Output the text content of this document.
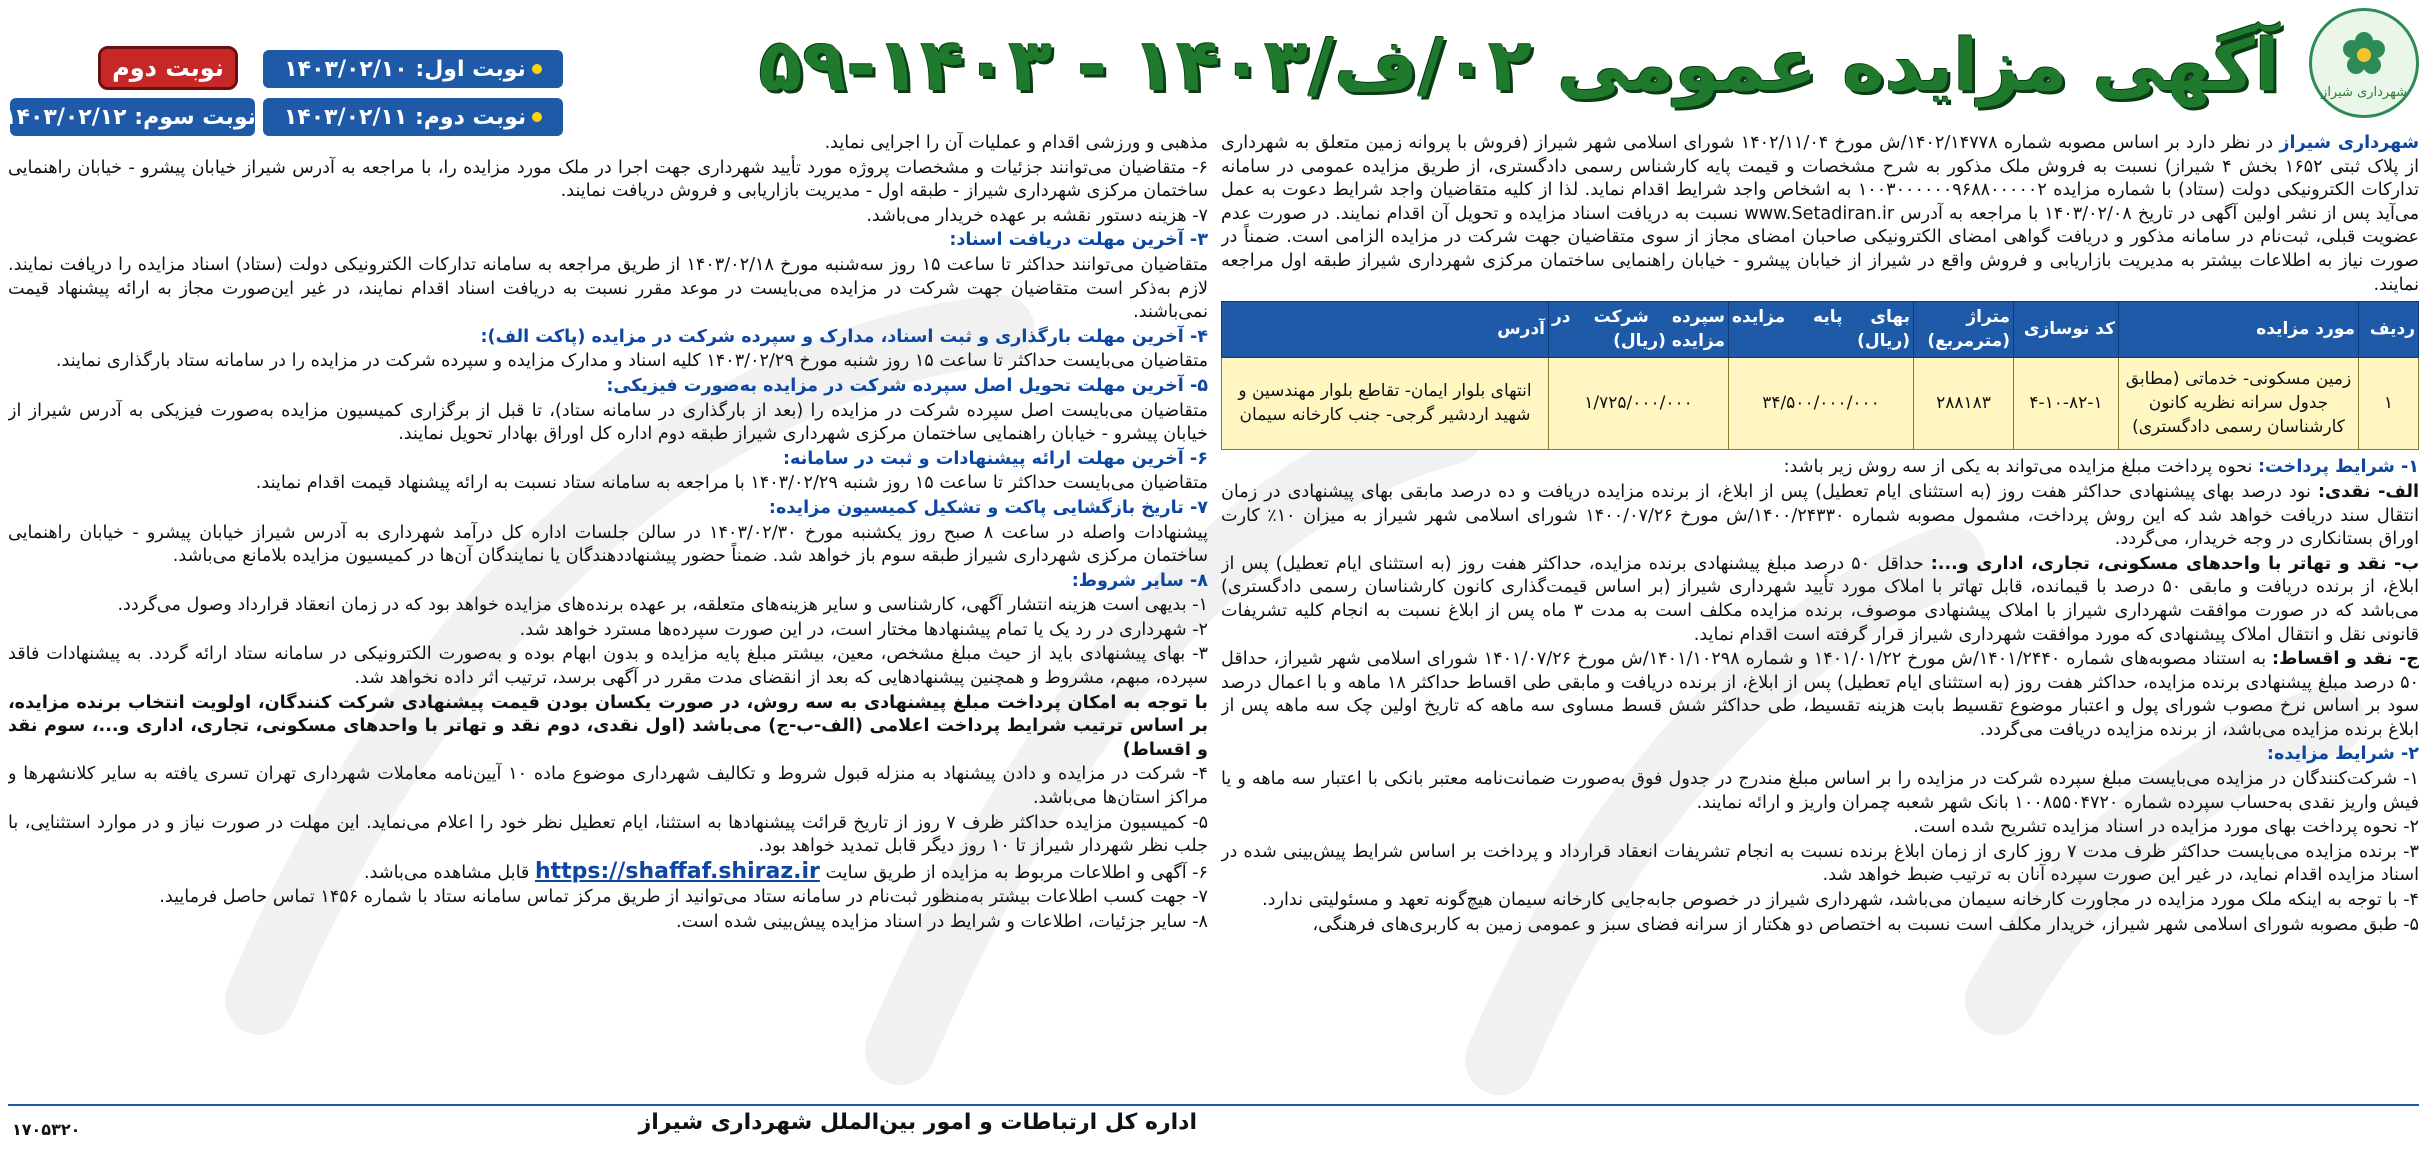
شهرداری شیراز
آگهی مزایده عمومی ۰۲/ف/۱۴۰۳ - ۱۴۰۳-۵۹
نوبت دوم	نوبت اول: ۱۴۰۳/۰۲/۱۰
نوبت دوم: ۱۴۰۳/۰۲/۱۱
نوبت سوم: ۱۴۰۳/۰۲/۱۲

شهرداری شیراز در نظر دارد بر اساس مصوبه شماره ۱۴۰۲/۱۴۷۷۸/ش مورخ ۱۴۰۲/۱۱/۰۴ شورای اسلامی شهر شیراز (فروش با پروانه زمین متعلق به شهرداری از پلاک ثبتی ۱۶۵۲ بخش ۴ شیراز) نسبت به فروش ملک مذکور به شرح مشخصات و قیمت پایه کارشناس رسمی دادگستری، از طریق مزایده عمومی در سامانه تدارکات الکترونیکی دولت (ستاد) با شماره مزایده ۱۰۰۳۰۰۰۰۰۰۹۶۸۸۰۰۰۰۰۲ به اشخاص واجد شرایط اقدام نماید. لذا از کلیه متقاضیان واجد شرایط دعوت به عمل می‌آید پس از نشر اولین آگهی در تاریخ ۱۴۰۳/۰۲/۰۸ با مراجعه به آدرس www.Setadiran.ir نسبت به دریافت اسناد مزایده و تحویل آن اقدام نمایند. در صورت عدم عضویت قبلی، ثبت‌نام در سامانه مذکور و دریافت گواهی امضای الکترونیکی صاحبان امضای مجاز از سوی متقاضیان جهت شرکت در مزایده الزامی است. ضمناً در صورت نیاز به اطلاعات بیشتر به مدیریت بازاریابی و فروش واقع در شیراز از خیابان پیشرو - خیابان راهنمایی ساختمان مرکزی شهرداری شیراز طبقه اول مراجعه نمایند.

ردیف	مورد مزایده	کد نوسازی	متراژ (مترمربع)	بهای پایه مزایده (ریال)	سپرده شرکت در مزایده (ریال)	آدرس
۱	زمین مسکونی- خدماتی (مطابق جدول سرانه نظریه کانون کارشناسان رسمی دادگستری)	۴-۱۰-۸۲-۱	۲۸۸۱۸۳	۳۴/۵۰۰/۰۰۰/۰۰۰	۱/۷۲۵/۰۰۰/۰۰۰	انتهای بلوار ایمان- تقاطع بلوار مهندسین و شهید اردشیر گرجی- جنب کارخانه سیمان

۱- شرایط پرداخت: نحوه پرداخت مبلغ مزایده می‌تواند به یکی از سه روش زیر باشد:

الف- نقدی: نود درصد بهای پیشنهادی حداکثر هفت روز (به استثنای ایام تعطیل) پس از ابلاغ، از برنده مزایده دریافت و ده درصد مابقی بهای پیشنهادی در زمان انتقال سند دریافت خواهد شد که این روش پرداخت، مشمول مصوبه شماره ۱۴۰۰/۲۴۳۳۰/ش مورخ ۱۴۰۰/۰۷/۲۶ شورای اسلامی شهر شیراز به میزان ۱۰٪ کارت اوراق بستانکاری در وجه خریدار، می‌گردد.

ب- نقد و تهاتر با واحدهای مسکونی، تجاری، اداری و...: حداقل ۵۰ درصد مبلغ پیشنهادی برنده مزایده، حداکثر هفت روز (به استثنای ایام تعطیل) پس از ابلاغ، از برنده دریافت و مابقی ۵۰ درصد با قیمانده، قابل تهاتر با املاک مورد تأیید شهرداری شیراز (بر اساس قیمت‌گذاری کانون کارشناسان رسمی دادگستری) می‌باشد که در صورت موافقت شهرداری شیراز با املاک پیشنهادی موصوف، برنده مزایده مکلف است به مدت ۳ ماه پس از ابلاغ نسبت به انجام کلیه تشریفات قانونی نقل و انتقال املاک پیشنهادی که مورد موافقت شهرداری شیراز قرار گرفته است اقدام نماید.

ج- نقد و اقساط: به استناد مصوبه‌های شماره ۱۴۰۱/۲۴۴۰/ش مورخ ۱۴۰۱/۰۱/۲۲ و شماره ۱۴۰۱/۱۰۲۹۸/ش مورخ ۱۴۰۱/۰۷/۲۶ شورای اسلامی شهر شیراز، حداقل ۵۰ درصد مبلغ پیشنهادی برنده مزایده، حداکثر هفت روز (به استثنای ایام تعطیل) پس از ابلاغ، از برنده دریافت و مابقی طی اقساط حداکثر ۱۸ ماهه و با اعمال درصد سود بر اساس نرخ مصوب شورای پول و اعتبار موضوع تقسیط بابت هزینه تقسیط، طی حداکثر شش قسط مساوی سه ماهه که تاریخ اولین چک سه ماهه پس از ابلاغ برنده مزایده می‌باشد، از برنده مزایده دریافت می‌گردد.

۲- شرایط مزایده:

۱- شرکت‌کنندگان در مزایده می‌بایست مبلغ سپرده شرکت در مزایده را بر اساس مبلغ مندرج در جدول فوق به‌صورت ضمانت‌نامه معتبر بانکی با اعتبار سه ماهه و یا فیش واریز نقدی به‌حساب سپرده شماره ۱۰۰۸۵۵۰۴۷۲۰ بانک شهر شعبه چمران واریز و ارائه نمایند.

۲- نحوه پرداخت بهای مورد مزایده در اسناد مزایده تشریح شده است.

۳- برنده مزایده می‌بایست حداکثر ظرف مدت ۷ روز کاری از زمان ابلاغ برنده نسبت به انجام تشریفات انعقاد قرارداد و پرداخت بر اساس شرایط پیش‌بینی شده در اسناد مزایده اقدام نماید، در غیر این صورت سپرده آنان به ترتیب ضبط خواهد شد.

۴- با توجه به اینکه ملک مورد مزایده در مجاورت کارخانه سیمان می‌باشد، شهرداری شیراز در خصوص جابه‌جایی کارخانه سیمان هیچ‌گونه تعهد و مسئولیتی ندارد.

۵- طبق مصوبه شورای اسلامی شهر شیراز، خریدار مکلف است نسبت به اختصاص دو هکتار از سرانه فضای سبز و عمومی زمین به کاربری‌های فرهنگی،

مذهبی و ورزشی اقدام و عملیات آن را اجرایی نماید.

۶- متقاضیان می‌توانند جزئیات و مشخصات پروژه مورد تأیید شهرداری جهت اجرا در ملک مورد مزایده را، با مراجعه به آدرس شیراز خیابان پیشرو - خیابان راهنمایی ساختمان مرکزی شهرداری شیراز - طبقه اول - مدیریت بازاریابی و فروش دریافت نمایند.

۷- هزینه دستور نقشه بر عهده خریدار می‌باشد.

۳- آخرین مهلت دریافت اسناد:

متقاضیان می‌توانند حداکثر تا ساعت ۱۵ روز سه‌شنبه مورخ ۱۴۰۳/۰۲/۱۸ از طریق مراجعه به سامانه تدارکات الکترونیکی دولت (ستاد) اسناد مزایده را دریافت نمایند. لازم به‌ذکر است متقاضیان جهت شرکت در مزایده می‌بایست در موعد مقرر نسبت به دریافت اسناد اقدام نمایند، در غیر این‌صورت مجاز به ارائه پیشنهاد قیمت نمی‌باشند.

۴- آخرین مهلت بارگذاری و ثبت اسناد، مدارک و سپرده شرکت در مزایده (پاکت الف):

متقاضیان می‌بایست حداکثر تا ساعت ۱۵ روز شنبه مورخ ۱۴۰۳/۰۲/۲۹ کلیه اسناد و مدارک مزایده و سپرده شرکت در مزایده را در سامانه ستاد بارگذاری نمایند.

۵- آخرین مهلت تحویل اصل سپرده شرکت در مزایده به‌صورت فیزیکی:

متقاضیان می‌بایست اصل سپرده شرکت در مزایده را (بعد از بارگذاری در سامانه ستاد)، تا قبل از برگزاری کمیسیون مزایده به‌صورت فیزیکی به آدرس شیراز از خیابان پیشرو - خیابان راهنمایی ساختمان مرکزی شهرداری شیراز طبقه دوم اداره کل اوراق بهادار تحویل نمایند.

۶- آخرین مهلت ارائه پیشنهادات و ثبت در سامانه:

متقاضیان می‌بایست حداکثر تا ساعت ۱۵ روز شنبه ۱۴۰۳/۰۲/۲۹ با مراجعه به سامانه ستاد نسبت به ارائه پیشنهاد قیمت اقدام نمایند.

۷- تاریخ بازگشایی پاکت و تشکیل کمیسیون مزایده:

پیشنهادات واصله در ساعت ۸ صبح روز یکشنبه مورخ ۱۴۰۳/۰۲/۳۰ در سالن جلسات اداره کل درآمد شهرداری به آدرس شیراز خیابان پیشرو - خیابان راهنمایی ساختمان مرکزی شهرداری شیراز طبقه سوم باز خواهد شد. ضمناً حضور پیشنهاددهندگان یا نمایندگان آن‌ها در کمیسیون مزایده بلامانع می‌باشد.

۸- سایر شروط:

۱- بدیهی است هزینه انتشار آگهی، کارشناسی و سایر هزینه‌های متعلقه، بر عهده برنده‌های مزایده خواهد بود که در زمان انعقاد قرارداد وصول می‌گردد.

۲- شهرداری در رد یک یا تمام پیشنهادها مختار است، در این صورت سپرده‌ها مسترد خواهد شد.

۳- بهای پیشنهادی باید از حیث مبلغ مشخص، معین، بیشتر مبلغ پایه مزایده و بدون ابهام بوده و به‌صورت الکترونیکی در سامانه ستاد ارائه گردد. به پیشنهادات فاقد سپرده، مبهم، مشروط و همچنین پیشنهادهایی که بعد از انقضای مدت مقرر در آگهی برسد، ترتیب اثر داده نخواهد شد.

با توجه به امکان پرداخت مبلغ پیشنهادی به سه روش، در صورت یکسان بودن قیمت پیشنهادی شرکت کنندگان، اولویت انتخاب برنده مزایده، بر اساس ترتیب شرایط پرداخت اعلامی (الف-ب-ج) می‌باشد (اول نقدی، دوم نقد و تهاتر با واحدهای مسکونی، تجاری، اداری و...، سوم نقد و اقساط)

۴- شرکت در مزایده و دادن پیشنهاد به منزله قبول شروط و تکالیف شهرداری موضوع ماده ۱۰ آیین‌نامه معاملات شهرداری تهران تسری یافته به سایر کلانشهرها و مراکز استان‌ها می‌باشد.

۵- کمیسیون مزایده حداکثر ظرف ۷ روز از تاریخ قرائت پیشنهادها به استثنا، ایام تعطیل نظر خود را اعلام می‌نماید. این مهلت در صورت نیاز و در موارد استثنایی، با جلب نظر شهردار شیراز تا ۱۰ روز دیگر قابل تمدید خواهد بود.

۶- آگهی و اطلاعات مربوط به مزایده از طریق سایت https://shaffaf.shiraz.ir قابل مشاهده می‌باشد.

۷- جهت کسب اطلاعات بیشتر به‌منظور ثبت‌نام در سامانه ستاد می‌توانید از طریق مرکز تماس سامانه ستاد با شماره ۱۴۵۶ تماس حاصل فرمایید.

۸- سایر جزئیات، اطلاعات و شرایط در اسناد مزایده پیش‌بینی شده است.

اداره کل ارتباطات و امور بین‌الملل شهرداری شیراز
۱۷۰۵۳۲۰
